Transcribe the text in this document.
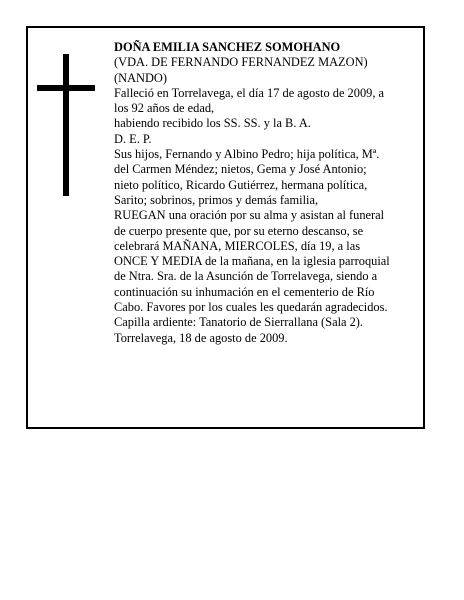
DOÑA EMILIA SANCHEZ SOMOHANO
(VDA. DE FERNANDO FERNANDEZ MAZON)
(NANDO)
Falleció en Torrelavega, el día 17 de agosto de 2009, a
los 92 años de edad,
habiendo recibido los SS. SS. y la B. A.
D. E. P.
Sus hijos, Fernando y Albino Pedro; hija política, Mª.
del Carmen Méndez; nietos, Gema y José Antonio;
nieto político, Ricardo Gutiérrez, hermana política,
Sarito; sobrinos, primos y demás familia,
RUEGAN una oración por su alma y asistan al funeral
de cuerpo presente que, por su eterno descanso, se
celebrará MAÑANA, MIERCOLES, día 19, a las
ONCE Y MEDIA de la mañana, en la iglesia parroquial
de Ntra. Sra. de la Asunción de Torrelavega, siendo a
continuación su inhumación en el cementerio de Río
Cabo. Favores por los cuales les quedarán agradecidos.
Capilla ardiente: Tanatorio de Sierrallana (Sala 2).
Torrelavega, 18 de agosto de 2009.
